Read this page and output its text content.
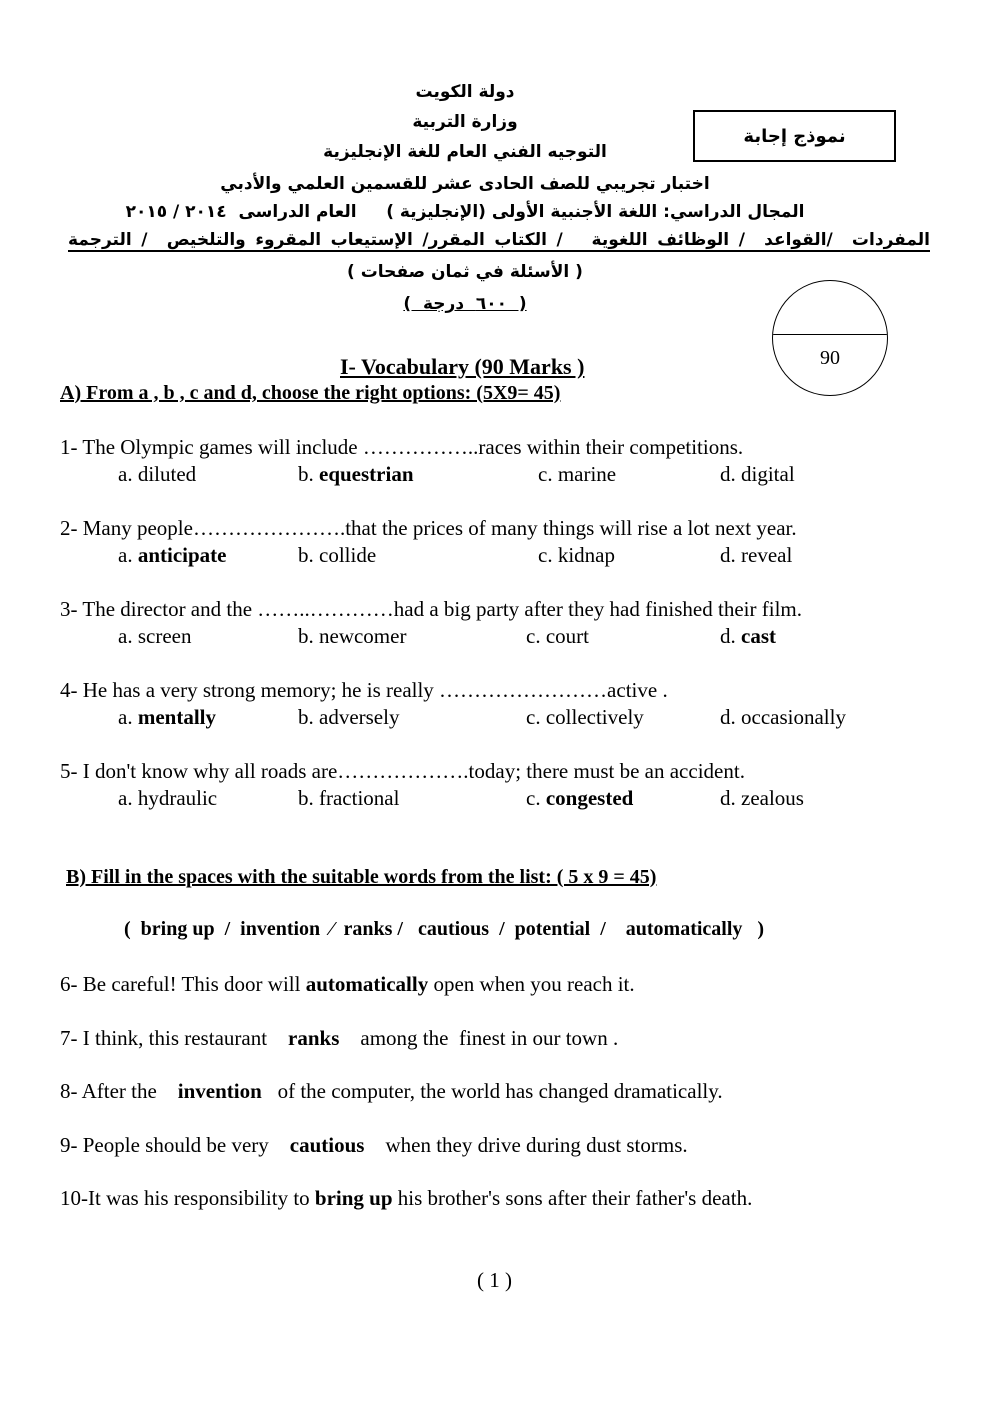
دولة الكويت
وزارة التربية
التوجيه الفني العام للغة الإنجليزية
اختبار تجريبي للصف الحادى عشر للقسمين العلمي والأدبي
المجال الدراسي: اللغة الأجنبية الأولى (الإنجليزية )     العام الدراسى  ٢٠١٤ / ٢٠١٥
المفردات  /القواعد  / الوظائف اللغوية   / الكتاب المقرر/ الإستيعاب المقروء والتلخيص  / الترجمة
( الأسئلة في ثمان صفحات )
(  ٦٠٠  درجة  )
نموذج إجابة
90
I- Vocabulary (90 Marks )
A) From a , b , c and d, choose the right options: (5X9= 45)
1- The Olympic games will include ……………..races within their competitions.
a. diluted	b. equestrian	c. marine	d. digital
2- Many people………………….that the prices of many things will rise a lot next year.
a. anticipate	b. collide	c. kidnap	d. reveal
3- The director and the ……..…………had a big party after they had finished their film.
a. screen	b. newcomer	c. court	d. cast
4- He has a very strong memory; he is really ……………………active .
a. mentally	b. adversely	c. collectively	d. occasionally
5- I don't know why all roads are……………….today; there must be an accident.
a. hydraulic	b. fractional	c. congested	d. zealous
B) Fill in the spaces with the suitable words from the list: ( 5 x 9 = 45)
(  bring up  /  invention  ⁄  ranks /   cautious  /  potential  /    automatically   )
6- Be careful! This door will automatically open when you reach it.
7- I think, this restaurant    ranks    among the  finest in our town .
8- After the    invention   of the computer, the world has changed dramatically.
9- People should be very    cautious    when they drive during dust storms.
10-It was his responsibility to bring up his brother's sons after their father's death.
( 1 )
